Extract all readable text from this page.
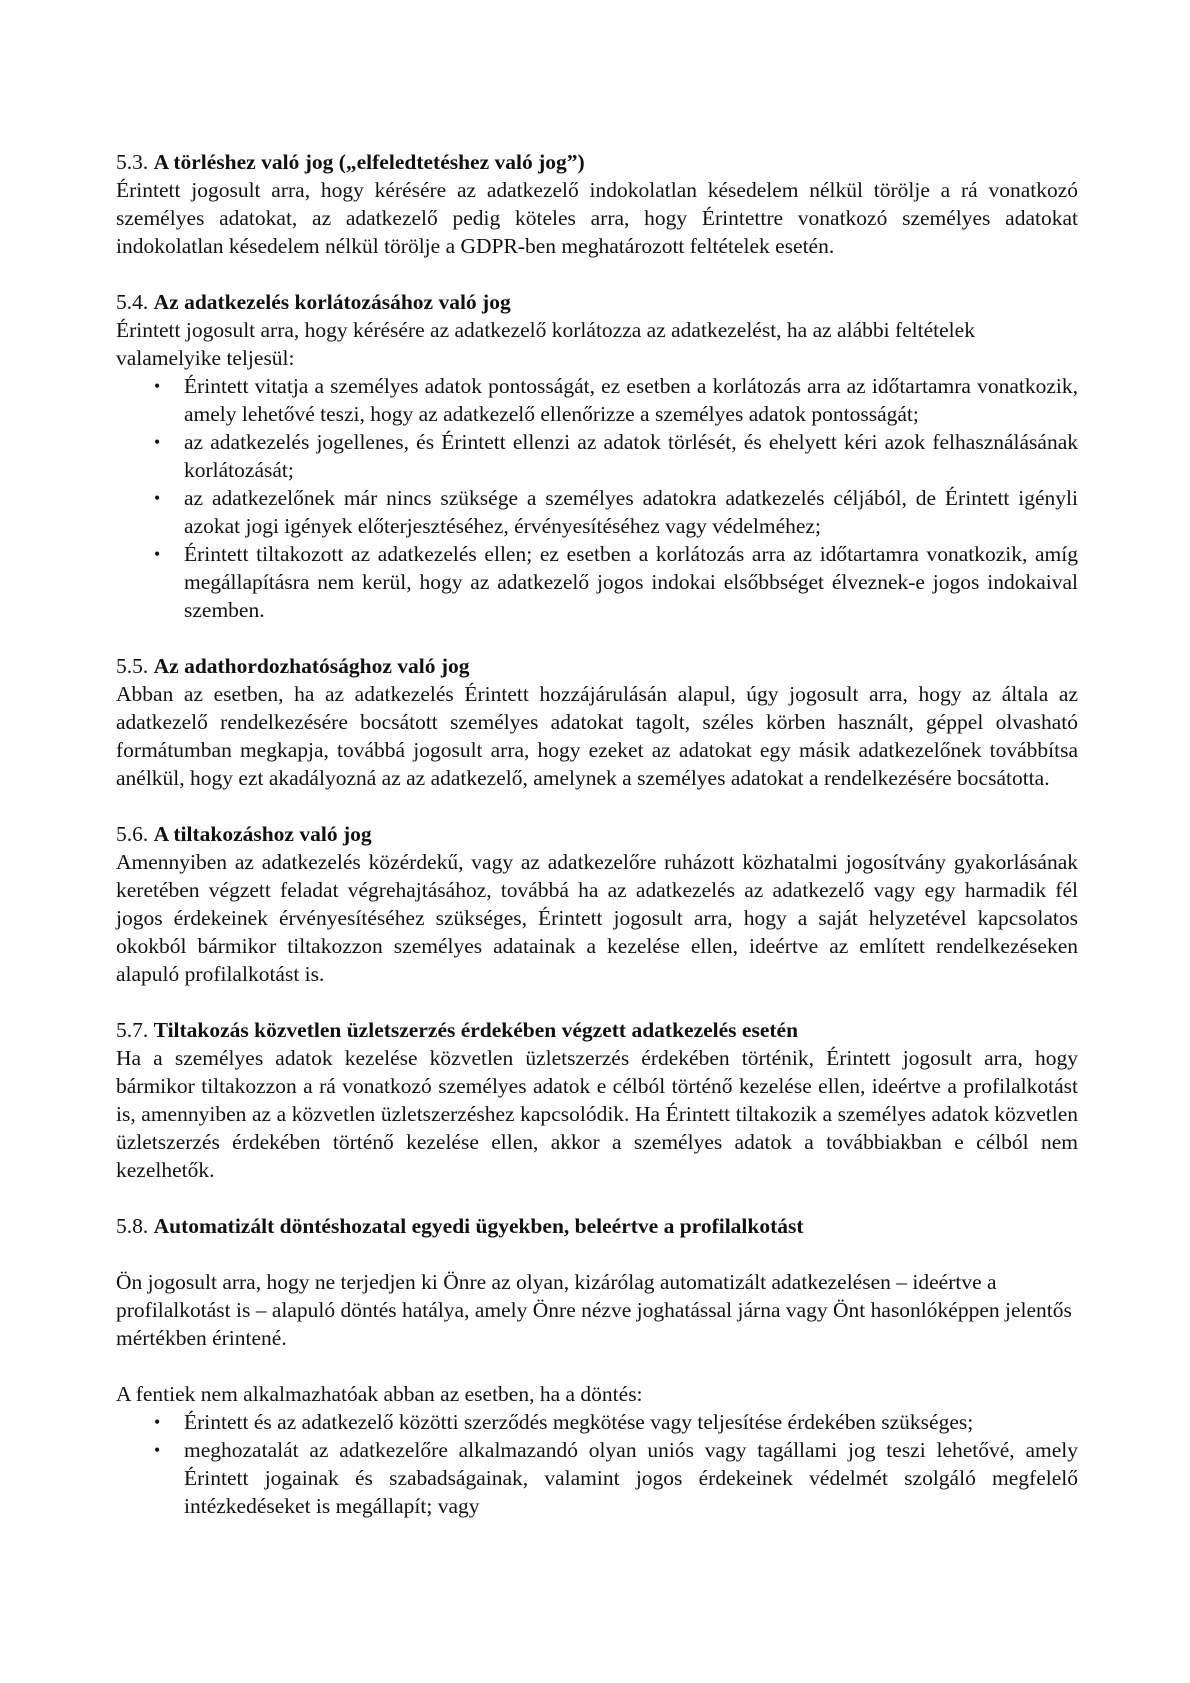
5.3. A törléshez való jog („elfeledtetéshez való jog”)

Érintett jogosult arra, hogy kérésére az adatkezelő indokolatlan késedelem nélkül törölje a rá vonatkozó személyes adatokat, az adatkezelő pedig köteles arra, hogy Érintettre vonatkozó személyes adatokat indokolatlan késedelem nélkül törölje a GDPR-ben meghatározott feltételek esetén.

5.4. Az adatkezelés korlátozásához való jog

Érintett jogosult arra, hogy kérésére az adatkezelő korlátozza az adatkezelést, ha az alábbi feltételek valamelyike teljesül:

• Érintett vitatja a személyes adatok pontosságát, ez esetben a korlátozás arra az időtartamra vonatkozik, amely lehetővé teszi, hogy az adatkezelő ellenőrizze a személyes adatok pontosságát;
• az adatkezelés jogellenes, és Érintett ellenzi az adatok törlését, és ehelyett kéri azok felhasználásának korlátozását;
• az adatkezelőnek már nincs szüksége a személyes adatokra adatkezelés céljából, de Érintett igényli azokat jogi igények előterjesztéséhez, érvényesítéséhez vagy védelméhez;
• Érintett tiltakozott az adatkezelés ellen; ez esetben a korlátozás arra az időtartamra vonatkozik, amíg megállapításra nem kerül, hogy az adatkezelő jogos indokai elsőbbséget élveznek-e jogos indokaival szemben.
5.5. Az adathordozhatósághoz való jog

Abban az esetben, ha az adatkezelés Érintett hozzájárulásán alapul, úgy jogosult arra, hogy az általa az adatkezelő rendelkezésére bocsátott személyes adatokat tagolt, széles körben használt, géppel olvasható formátumban megkapja, továbbá jogosult arra, hogy ezeket az adatokat egy másik adatkezelőnek továbbítsa anélkül, hogy ezt akadályozná az az adatkezelő, amelynek a személyes adatokat a rendelkezésére bocsátotta.

5.6. A tiltakozáshoz való jog

Amennyiben az adatkezelés közérdekű, vagy az adatkezelőre ruházott közhatalmi jogosítvány gyakorlásának keretében végzett feladat végrehajtásához, továbbá ha az adatkezelés az adatkezelő vagy egy harmadik fél jogos érdekeinek érvényesítéséhez szükséges, Érintett jogosult arra, hogy a saját helyzetével kapcsolatos okokból bármikor tiltakozzon személyes adatainak a kezelése ellen, ideértve az említett rendelkezéseken alapuló profilalkotást is.

5.7. Tiltakozás közvetlen üzletszerzés érdekében végzett adatkezelés esetén

Ha a személyes adatok kezelése közvetlen üzletszerzés érdekében történik, Érintett jogosult arra, hogy bármikor tiltakozzon a rá vonatkozó személyes adatok e célból történő kezelése ellen, ideértve a profilalkotást is, amennyiben az a közvetlen üzletszerzéshez kapcsolódik. Ha Érintett tiltakozik a személyes adatok közvetlen üzletszerzés érdekében történő kezelése ellen, akkor a személyes adatok a továbbiakban e célból nem kezelhetők.

5.8. Automatizált döntéshozatal egyedi ügyekben, beleértve a profilalkotást

Ön jogosult arra, hogy ne terjedjen ki Önre az olyan, kizárólag automatizált adatkezelésen – ideértve a profilalkotást is – alapuló döntés hatálya, amely Önre nézve joghatással járna vagy Önt hasonlóképpen jelentős mértékben érintené.

A fentiek nem alkalmazhatóak abban az esetben, ha a döntés:

• Érintett és az adatkezelő közötti szerződés megkötése vagy teljesítése érdekében szükséges;
• meghozatalát az adatkezelőre alkalmazandó olyan uniós vagy tagállami jog teszi lehetővé, amely Érintett jogainak és szabadságainak, valamint jogos érdekeinek védelmét szolgáló megfelelő intézkedéseket is megállapít; vagy
